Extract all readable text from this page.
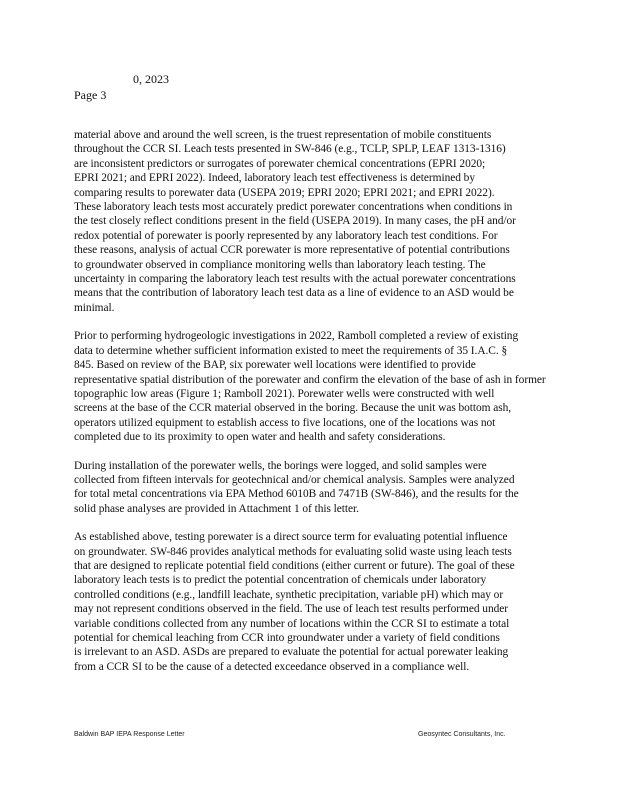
0, 2023
Page 3

material above and around the well screen, is the truest representation of mobile constituents
throughout the CCR SI. Leach tests presented in SW-846 (e.g., TCLP, SPLP, LEAF 1313-1316)
are inconsistent predictors or surrogates of porewater chemical concentrations (EPRI 2020;
EPRI 2021; and EPRI 2022). Indeed, laboratory leach test effectiveness is determined by
comparing results to porewater data (USEPA 2019; EPRI 2020; EPRI 2021; and EPRI 2022).
These laboratory leach tests most accurately predict porewater concentrations when conditions in
the test closely reflect conditions present in the field (USEPA 2019). In many cases, the pH and/or
redox potential of porewater is poorly represented by any laboratory leach test conditions. For
these reasons, analysis of actual CCR porewater is more representative of potential contributions
to groundwater observed in compliance monitoring wells than laboratory leach testing. The
uncertainty in comparing the laboratory leach test results with the actual porewater concentrations
means that the contribution of laboratory leach test data as a line of evidence to an ASD would be
minimal.

Prior to performing hydrogeologic investigations in 2022, Ramboll completed a review of existing
data to determine whether sufficient information existed to meet the requirements of 35 I.A.C. §
845. Based on review of the BAP, six porewater well locations were identified to provide
representative spatial distribution of the porewater and confirm the elevation of the base of ash in former
topographic low areas (Figure 1; Ramboll 2021). Porewater wells were constructed with well
screens at the base of the CCR material observed in the boring. Because the unit was bottom ash,
operators utilized equipment to establish access to five locations, one of the locations was not
completed due to its proximity to open water and health and safety considerations.

During installation of the porewater wells, the borings were logged, and solid samples were
collected from fifteen intervals for geotechnical and/or chemical analysis. Samples were analyzed
for total metal concentrations via EPA Method 6010B and 7471B (SW-846), and the results for the
solid phase analyses are provided in Attachment 1 of this letter.

As established above, testing porewater is a direct source term for evaluating potential influence
on groundwater. SW-846 provides analytical methods for evaluating solid waste using leach tests
that are designed to replicate potential field conditions (either current or future). The goal of these
laboratory leach tests is to predict the potential concentration of chemicals under laboratory
controlled conditions (e.g., landfill leachate, synthetic precipitation, variable pH) which may or
may not represent conditions observed in the field. The use of leach test results performed under
variable conditions collected from any number of locations within the CCR SI to estimate a total
potential for chemical leaching from CCR into groundwater under a variety of field conditions
is irrelevant to an ASD. ASDs are prepared to evaluate the potential for actual porewater leaking
from a CCR SI to be the cause of a detected exceedance observed in a compliance well.

Baldwin BAP IEPA Response Letter	Geosyntec Consultants, Inc.
